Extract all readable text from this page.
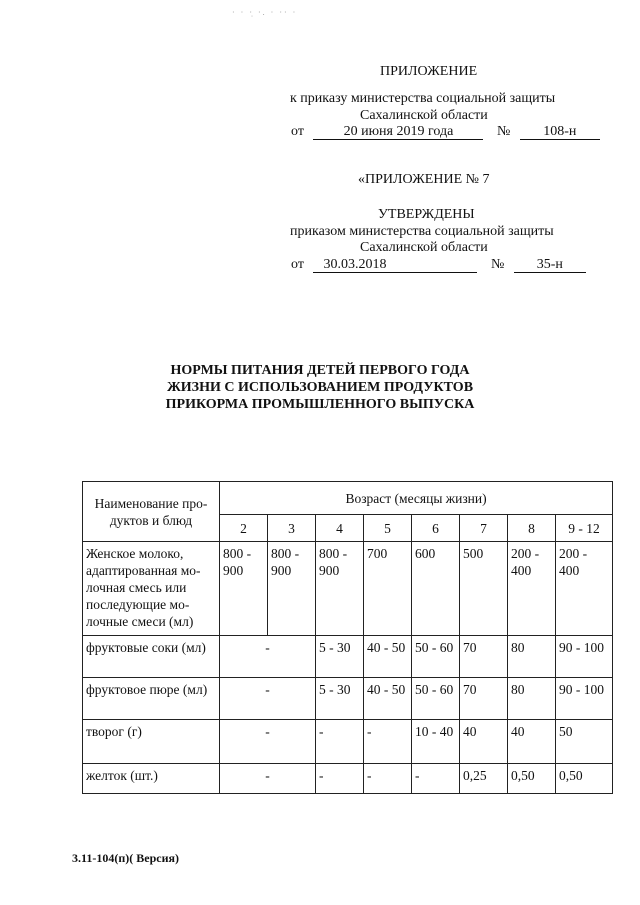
· · ·̣ ·. · ·· ·
ПРИЛОЖЕНИЕ
к приказу министерства социальной защиты
Сахалинской области
от	20 июня 2019 года	№ 108-н
«ПРИЛОЖЕНИЕ № 7
УТВЕРЖДЕНЫ
приказом министерства социальной защиты
Сахалинской области
от 30.03.2018	№ 35-н
НОРМЫ ПИТАНИЯ ДЕТЕЙ ПЕРВОГО ГОДА
ЖИЗНИ С ИСПОЛЬЗОВАНИЕМ ПРОДУКТОВ
ПРИКОРМА ПРОМЫШЛЕННОГО ВЫПУСКА
Наименование про-дуктов и блюд	Возраст (месяцы жизни)							
	2	3	4	5	6	7	8	9 - 12
Женское молоко, адаптированная мо-лочная смесь или последующие мо-лочные смеси (мл)	800 - 900	800 - 900	800 - 900	700	600	500	200 - 400	200 - 400
фруктовые соки (мл)	-		5 - 30	40 - 50	50 - 60	70	80	90 - 100
фруктовое пюре (мл)	-		5 - 30	40 - 50	50 - 60	70	80	90 - 100
творог (г)	-		-	-	10 - 40	40	40	50
желток (шт.)	-		-	-	-	0,25	0,50	0,50
3.11-104(п)( Версия)
